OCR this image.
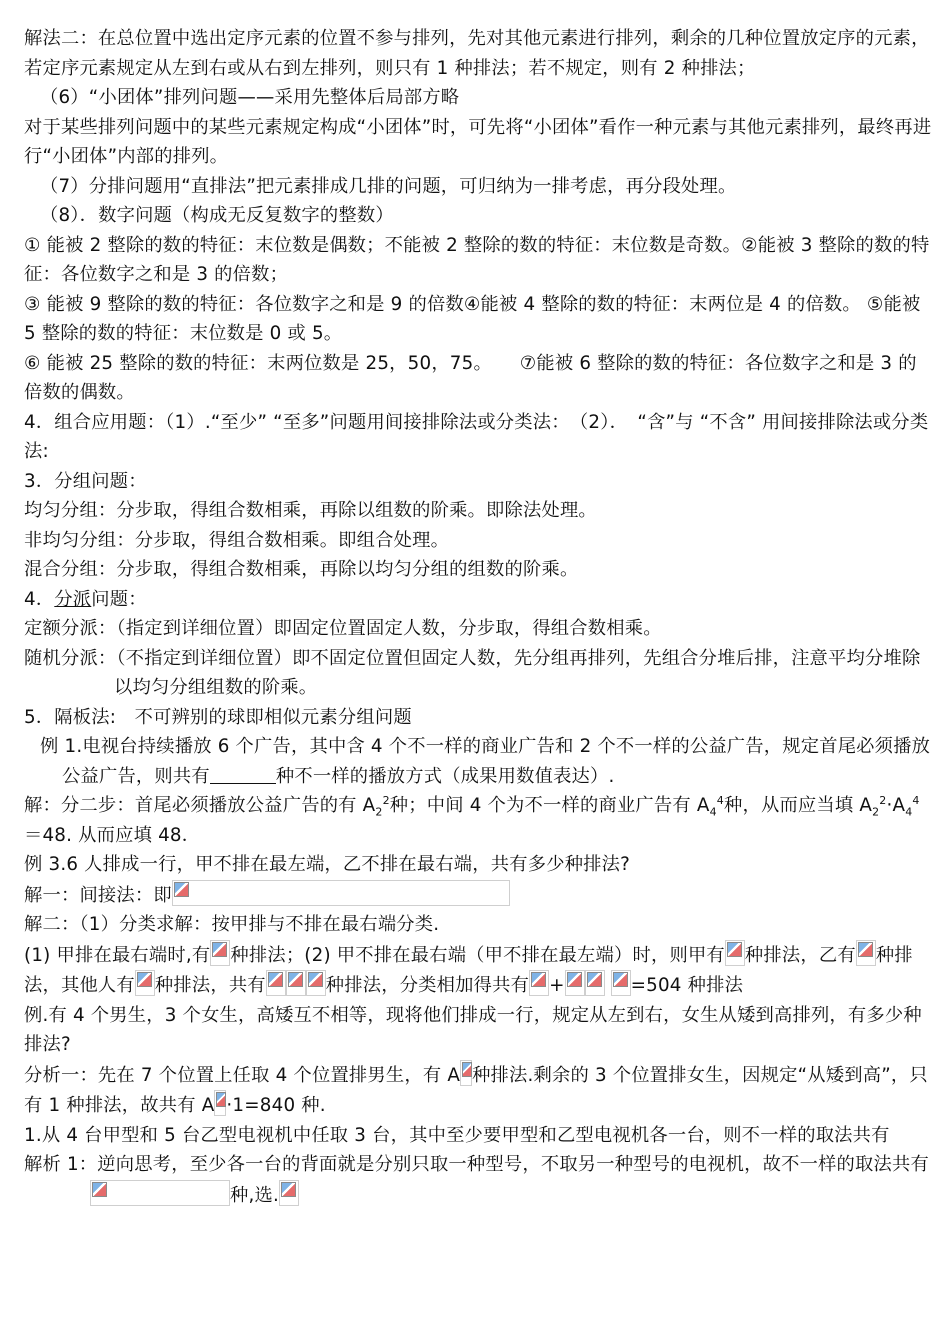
解法二：在总位置中选出定序元素的位置不参与排列，先对其他元素进行排列，剩余的几种位置放定序的元素，若定序元素规定从左到右或从右到左排列，则只有 1 种排法；若不规定，则有 2 种排法；

（6）“小团体”排列问题——采用先整体后局部方略

对于某些排列问题中的某些元素规定构成“小团体”时，可先将“小团体”看作一种元素与其他元素排列，最终再进行“小团体”内部的排列。

（7）分排问题用“直排法”把元素排成几排的问题，可归纳为一排考虑，再分段处理。

（8）．数字问题（构成无反复数字的整数）

① 能被 2 整除的数的特征：末位数是偶数；不能被 2 整除的数的特征：末位数是奇数。②能被 3 整除的数的特征：各位数字之和是 3 的倍数；

③ 能被 9 整除的数的特征：各位数字之和是 9 的倍数④能被 4 整除的数的特征：末两位是 4 的倍数。 ⑤能被 5 整除的数的特征：末位数是 0 或 5。

⑥ 能被 25 整除的数的特征：末两位数是 25，50，75。　　⑦能被 6 整除的数的特征：各位数字之和是 3 的倍数的偶数。

4．组合应用题：（1）.“至少” “至多”问题用间接排除法或分类法：　（2）．　“含”与 “不含” 用间接排除法或分类法:

3．分组问题：

均匀分组：分步取，得组合数相乘，再除以组数的阶乘。即除法处理。

非均匀分组：分步取，得组合数相乘。即组合处理。

混合分组：分步取，得组合数相乘，再除以均匀分组的组数的阶乘。

4．分派问题：

定额分派：（指定到详细位置）即固定位置固定人数，分步取，得组合数相乘。

随机分派：（不指定到详细位置）即不固定位置但固定人数，先分组再排列，先组合分堆后排，注意平均分堆除以均匀分组组数的阶乘。

5．隔板法:　不可辨别的球即相似元素分组问题

例 1.电视台持续播放 6 个广告，其中含 4 个不一样的商业广告和 2 个不一样的公益广告，规定首尾必须播放公益广告，则共有	种不一样的播放方式（成果用数值表达）.

解：分二步：首尾必须播放公益广告的有 $A_2^2$种；中间 4 个为不一样的商业广告有 $A_4^4$种，从而应当填 $A_2^2\cdot A_4^4=48$. 从而应填 48．

例 3.6 人排成一行，甲不排在最左端，乙不排在最右端，共有多少种排法?

解一：间接法：即

解二：（1）分类求解：按甲排与不排在最右端分类.

(1) 甲排在最右端时,有 种排法；(2) 甲不排在最右端（甲不排在最左端）时，则甲有 种排法，乙有 种排法，其他人有 种排法，共有	种排法，分类相加得共有 +
	=504 种排法

例.有 4 个男生，3 个女生，高矮互不相等，现将他们排成一行，规定从左到右，女生从矮到高排列，有多少种排法?

分析一：先在 7 个位置上任取 4 个位置排男生，有 A 种排法.剩余的 3 个位置排女生，因规定“从矮到高”，只有 1 种排法，故共有 A ·1=840 种.

1.从 4 台甲型和 5 台乙型电视机中任取 3 台，其中至少要甲型和乙型电视机各一台，则不一样的取法共有

解析 1：逆向思考，至少各一台的背面就是分别只取一种型号，不取另一种型号的电视机，故不一样的取法共有
种,选.
